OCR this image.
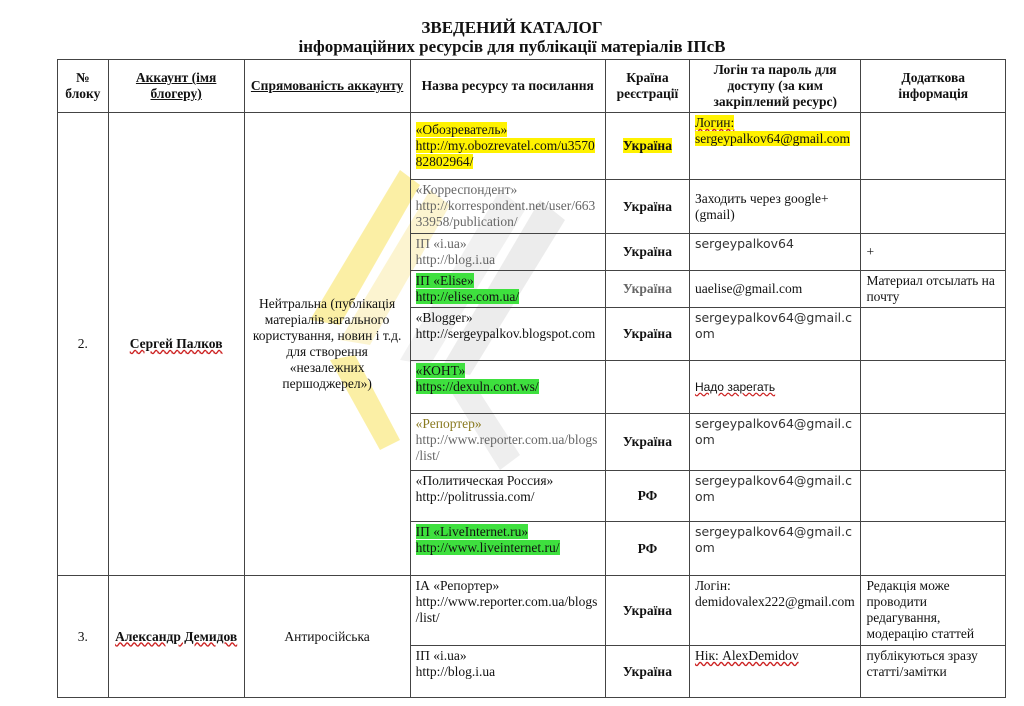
ЗВЕДЕНИЙ КАТАЛОГ
інформаційних ресурсів для публікації матеріалів ІПсВ
№ блоку	Аккаунт (імя блогеру)	Спрямованість аккаунту	Назва ресурсу та посилання	Країна реєстрації	Логін та пароль для доступу (за ким закріплений ресурс)	Додаткова інформація
2.	Сергей Палков	Нейтральна (публікація матеріалів загального користування, новин і т.д. для створення «незалежних першоджерел»)	«Обозреватель»
http://my.obozrevatel.com/u357082802964/	Україна	Логин:
sergeypalkov64@gmail.com	
			«Корреспондент»
http://korrespondent.net/user/66333958/publication/	Україна	Заходить через google+ (gmail)	
			ІП «i.ua»
http://blog.i.ua	Україна	sergeypalkov64	+
			ІП «Elise»
http://elise.com.ua/	Україна	uaelise@gmail.com	Материал отсылать на почту
			«Blogger»
http://sergeypalkov.blogspot.com	Україна	sergeypalkov64@gmail.com	
			«КОНТ»
https://dexuln.cont.ws/		Надо зарегать	
			«Репортер»
http://www.reporter.com.ua/blogs/list/	Україна	sergeypalkov64@gmail.com	
			«Политическая Россия»
http://politrussia.com/	РФ	sergeypalkov64@gmail.com	
			ІП «LiveInternet.ru»
http://www.liveinternet.ru/	РФ	sergeypalkov64@gmail.com	
3.	Александр Демидов	Антиросійська	ІА «Репортер»
http://www.reporter.com.ua/blogs/list/	Україна	Логін:
demidovalex222@gmail.com	Редакція може проводити редагування, модерацію статтей
			ІП «i.ua»
http://blog.i.ua	Україна	Нік: AlexDemidov	публікуються зразу статті/замітки
